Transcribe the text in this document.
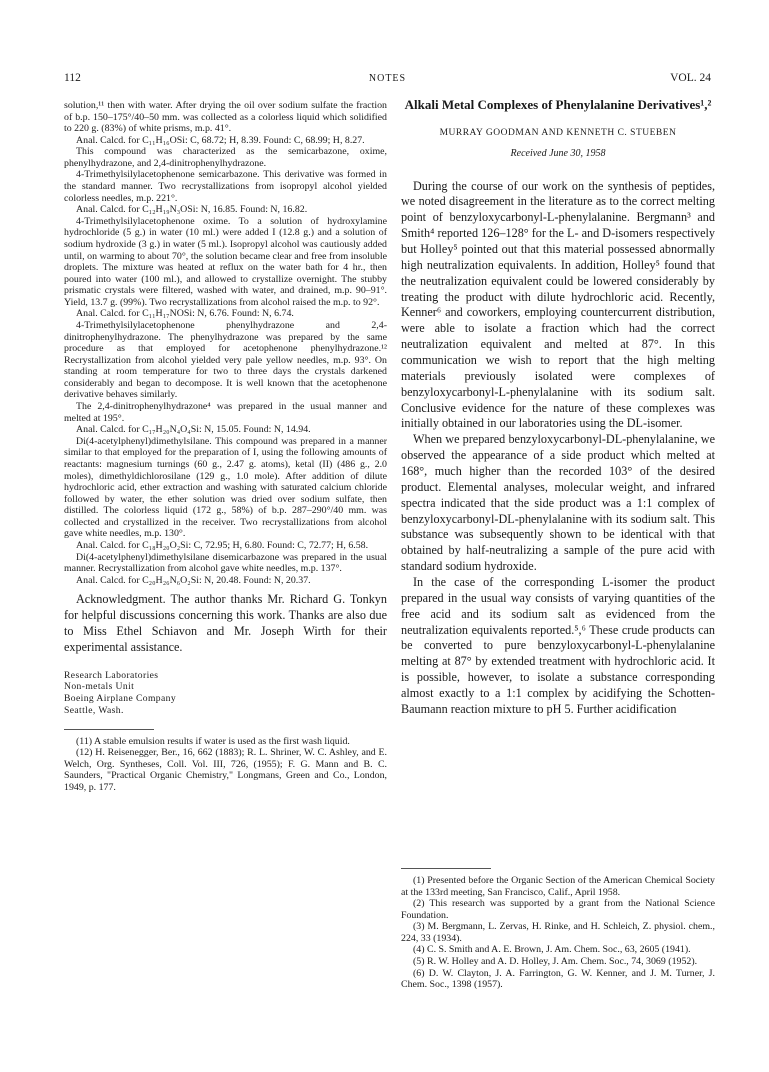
112	NOTES	VOL. 24

solution,¹¹ then with water. After drying the oil over sodium sulfate the fraction of b.p. 150–175°/40–50 mm. was collected as a colorless liquid which solidified to 220 g. (83%) of white prisms, m.p. 41°.

Anal. Calcd. for C₁₁H₁₆OSi: C, 68.72; H, 8.39. Found: C, 68.99; H, 8.27.

This compound was characterized as the semicarbazone, oxime, phenylhydrazone, and 2,4-dinitrophenylhydrazone.

4-Trimethylsilylacetophenone semicarbazone. This derivative was formed in the standard manner. Two recrystallizations from isopropyl alcohol yielded colorless needles, m.p. 221°.

Anal. Calcd. for C₁₂H₁₉N₃OSi: N, 16.85. Found: N, 16.82.

4-Trimethylsilylacetophenone oxime. To a solution of hydroxylamine hydrochloride (5 g.) in water (10 ml.) were added I (12.8 g.) and a solution of sodium hydroxide (3 g.) in water (5 ml.). Isopropyl alcohol was cautiously added until, on warming to about 70°, the solution became clear and free from insoluble droplets. The mixture was heated at reflux on the water bath for 4 hr., then poured into water (100 ml.), and allowed to crystallize overnight. The stubby prismatic crystals were filtered, washed with water, and drained, m.p. 90–91°. Yield, 13.7 g. (99%). Two recrystallizations from alcohol raised the m.p. to 92°.

Anal. Calcd. for C₁₁H₁₇NOSi: N, 6.76. Found: N, 6.74.

4-Trimethylsilylacetophenone phenylhydrazone and 2,4-dinitrophenylhydrazone. The phenylhydrazone was prepared by the same procedure as that employed for acetophenone phenylhydrazone.¹² Recrystallization from alcohol yielded very pale yellow needles, m.p. 93°. On standing at room temperature for two to three days the crystals darkened considerably and began to decompose. It is well known that the acetophenone derivative behaves similarly.

The 2,4-dinitrophenylhydrazone⁴ was prepared in the usual manner and melted at 195°.

Anal. Calcd. for C₁₇H₂₀N₄O₄Si: N, 15.05. Found: N, 14.94.

Di(4-acetylphenyl)dimethylsilane. This compound was prepared in a manner similar to that employed for the preparation of I, using the following amounts of reactants: magnesium turnings (60 g., 2.47 g. atoms), ketal (II) (486 g., 2.0 moles), dimethyldichlorosilane (129 g., 1.0 mole). After addition of dilute hydrochloric acid, ether extraction and washing with saturated calcium chloride followed by water, the ether solution was dried over sodium sulfate, then distilled. The colorless liquid (172 g., 58%) of b.p. 287–290°/40 mm. was collected and crystallized in the receiver. Two recrystallizations from alcohol gave white needles, m.p. 130°.

Anal. Calcd. for C₁₈H₂₀O₂Si: C, 72.95; H, 6.80. Found: C, 72.77; H, 6.58.

Di(4-acetylphenyl)dimethylsilane disemicarbazone was prepared in the usual manner. Recrystallization from alcohol gave white needles, m.p. 137°.

Anal. Calcd. for C₂₀H₂₆N₆O₂Si: N, 20.48. Found: N, 20.37.

Acknowledgment. The author thanks Mr. Richard G. Tonkyn for helpful discussions concerning this work. Thanks are also due to Miss Ethel Schiavon and Mr. Joseph Wirth for their experimental assistance.

Research Laboratories
Non-metals Unit
Boeing Airplane Company
Seattle, Wash.

(11) A stable emulsion results if water is used as the first wash liquid.

(12) H. Reisenegger, Ber., 16, 662 (1883); R. L. Shriner, W. C. Ashley, and E. Welch, Org. Syntheses, Coll. Vol. III, 726, (1955); F. G. Mann and B. C. Saunders, "Practical Organic Chemistry," Longmans, Green and Co., London, 1949, p. 177.

Alkali Metal Complexes of Phenylalanine Derivatives¹,²
MURRAY GOODMAN AND KENNETH C. STUEBEN
Received June 30, 1958

During the course of our work on the synthesis of peptides, we noted disagreement in the literature as to the correct melting point of benzyloxycarbonyl-L-phenylalanine. Bergmann³ and Smith⁴ reported 126–128° for the L- and D-isomers respectively but Holley⁵ pointed out that this material possessed abnormally high neutralization equivalents. In addition, Holley⁵ found that the neutralization equivalent could be lowered considerably by treating the product with dilute hydrochloric acid. Recently, Kenner⁶ and coworkers, employing countercurrent distribution, were able to isolate a fraction which had the correct neutralization equivalent and melted at 87°. In this communication we wish to report that the high melting materials previously isolated were complexes of benzyloxycarbonyl-L-phenylalanine with its sodium salt. Conclusive evidence for the nature of these complexes was initially obtained in our laboratories using the DL-isomer.

When we prepared benzyloxycarbonyl-DL-phenylalanine, we observed the appearance of a side product which melted at 168°, much higher than the recorded 103° of the desired product. Elemental analyses, molecular weight, and infrared spectra indicated that the side product was a 1:1 complex of benzyloxycarbonyl-DL-phenylalanine with its sodium salt. This substance was subsequently shown to be identical with that obtained by half-neutralizing a sample of the pure acid with standard sodium hydroxide.

In the case of the corresponding L-isomer the product prepared in the usual way consists of varying quantities of the free acid and its sodium salt as evidenced from the neutralization equivalents reported.⁵,⁶ These crude products can be converted to pure benzyloxycarbonyl-L-phenylalanine melting at 87° by extended treatment with hydrochloric acid. It is possible, however, to isolate a substance corresponding almost exactly to a 1:1 complex by acidifying the Schotten-Baumann reaction mixture to pH 5. Further acidification

(1) Presented before the Organic Section of the American Chemical Society at the 133rd meeting, San Francisco, Calif., April 1958.

(2) This research was supported by a grant from the National Science Foundation.

(3) M. Bergmann, L. Zervas, H. Rinke, and H. Schleich, Z. physiol. chem., 224, 33 (1934).

(4) C. S. Smith and A. E. Brown, J. Am. Chem. Soc., 63, 2605 (1941).

(5) R. W. Holley and A. D. Holley, J. Am. Chem. Soc., 74, 3069 (1952).

(6) D. W. Clayton, J. A. Farrington, G. W. Kenner, and J. M. Turner, J. Chem. Soc., 1398 (1957).
